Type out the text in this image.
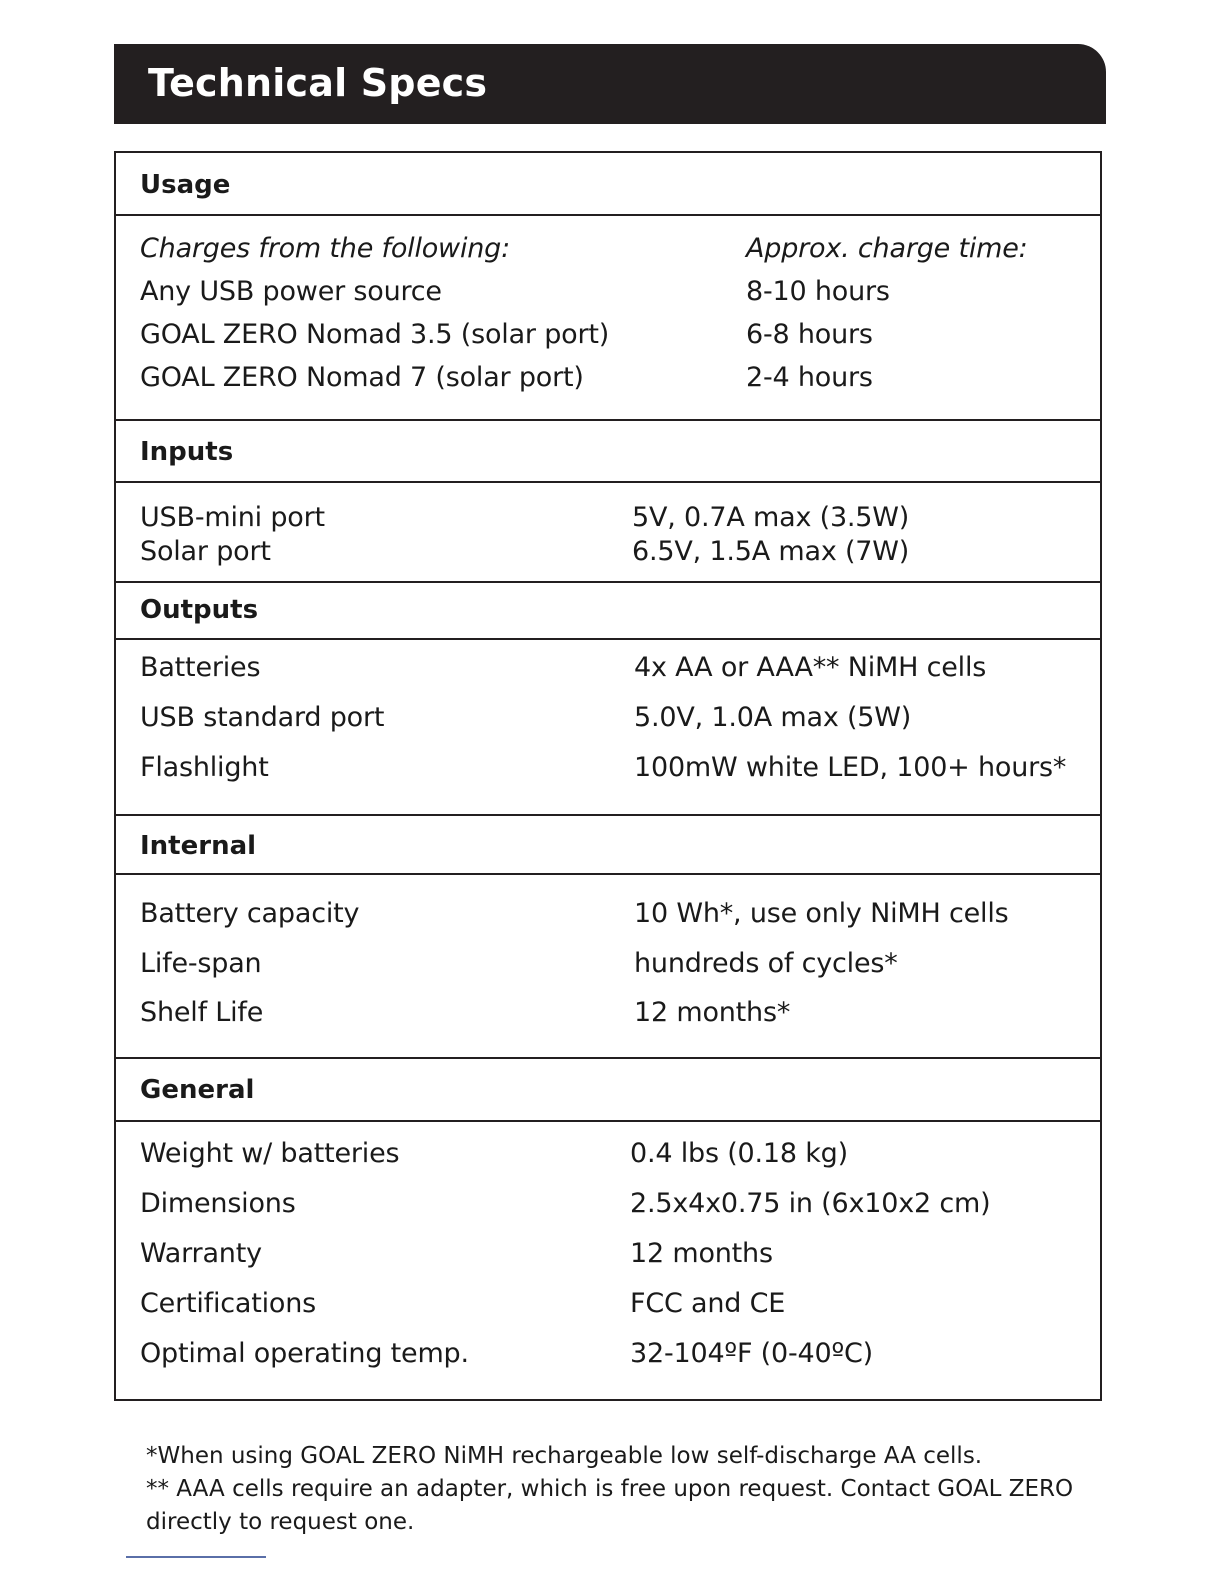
Technical Specs
Usage
Charges from the following:	Approx. charge time:
Any USB power source	8-10 hours
GOAL ZERO Nomad 3.5 (solar port)	6-8 hours
GOAL ZERO Nomad 7 (solar port)	2-4 hours
Inputs
USB-mini port	5V, 0.7A max (3.5W)
Solar port	6.5V, 1.5A max (7W)
Outputs
Batteries	4x AA or AAA** NiMH cells
USB standard port	5.0V, 1.0A max (5W)
Flashlight	100mW white LED, 100+ hours*
Internal
Battery capacity	10 Wh*, use only NiMH cells
Life-span	hundreds of cycles*
Shelf Life	12 months*
General
Weight w/ batteries	0.4 lbs (0.18 kg)
Dimensions	2.5x4x0.75 in (6x10x2 cm)
Warranty	12 months
Certifications	FCC and CE
Optimal operating temp.	32-104ºF (0-40ºC)
*When using GOAL ZERO NiMH rechargeable low self-discharge AA cells.
** AAA cells require an adapter, which is free upon request. Contact GOAL ZERO
directly to request one.
